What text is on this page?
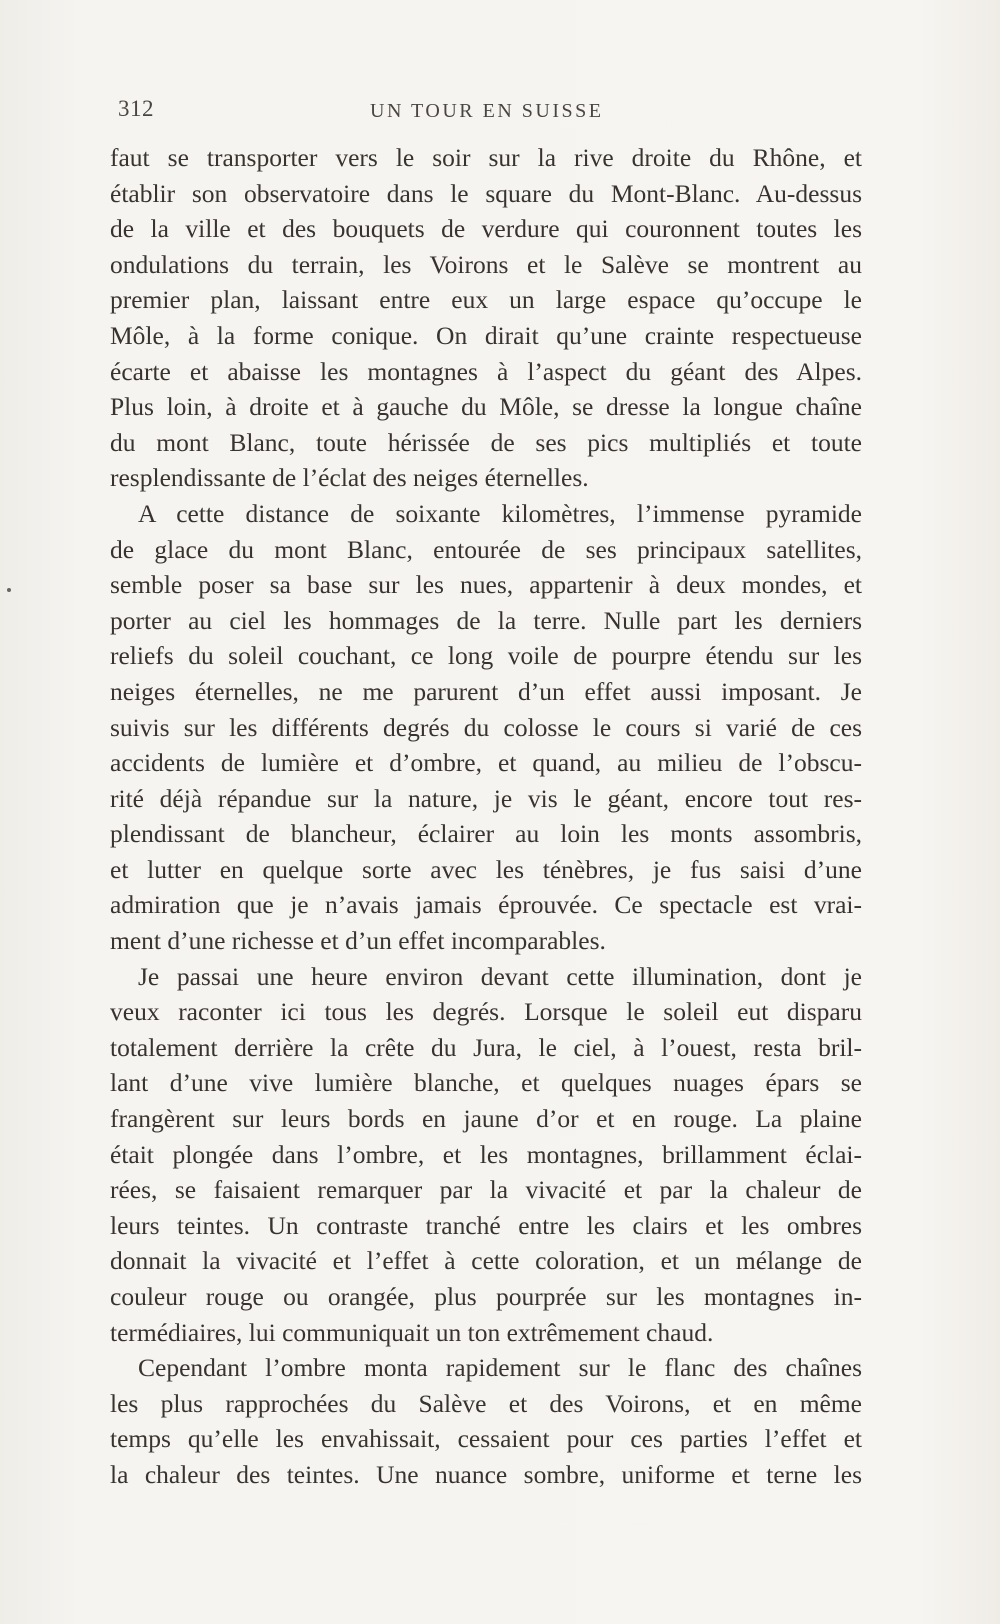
312	UN TOUR EN SUISSE
faut se transporter vers le soir sur la rive droite du Rhône, et
établir son observatoire dans le square du Mont-Blanc. Au-dessus
de la ville et des bouquets de verdure qui couronnent toutes les
ondulations du terrain, les Voirons et le Salève se montrent au
premier plan, laissant entre eux un large espace qu’occupe le
Môle, à la forme conique. On dirait qu’une crainte respectueuse
écarte et abaisse les montagnes à l’aspect du géant des Alpes.
Plus loin, à droite et à gauche du Môle, se dresse la longue chaîne
du mont Blanc, toute hérissée de ses pics multipliés et toute
resplendissante de l’éclat des neiges éternelles.
A cette distance de soixante kilomètres, l’immense pyramide
de glace du mont Blanc, entourée de ses principaux satellites,
semble poser sa base sur les nues, appartenir à deux mondes, et
porter au ciel les hommages de la terre. Nulle part les derniers
reliefs du soleil couchant, ce long voile de pourpre étendu sur les
neiges éternelles, ne me parurent d’un effet aussi imposant. Je
suivis sur les différents degrés du colosse le cours si varié de ces
accidents de lumière et d’ombre, et quand, au milieu de l’obscu-
rité déjà répandue sur la nature, je vis le géant, encore tout res-
plendissant de blancheur, éclairer au loin les monts assombris,
et lutter en quelque sorte avec les ténèbres, je fus saisi d’une
admiration que je n’avais jamais éprouvée. Ce spectacle est vrai-
ment d’une richesse et d’un effet incomparables.
Je passai une heure environ devant cette illumination, dont je
veux raconter ici tous les degrés. Lorsque le soleil eut disparu
totalement derrière la crête du Jura, le ciel, à l’ouest, resta bril-
lant d’une vive lumière blanche, et quelques nuages épars se
frangèrent sur leurs bords en jaune d’or et en rouge. La plaine
était plongée dans l’ombre, et les montagnes, brillamment éclai-
rées, se faisaient remarquer par la vivacité et par la chaleur de
leurs teintes. Un contraste tranché entre les clairs et les ombres
donnait la vivacité et l’effet à cette coloration, et un mélange de
couleur rouge ou orangée, plus pourprée sur les montagnes in-
termédiaires, lui communiquait un ton extrêmement chaud.
Cependant l’ombre monta rapidement sur le flanc des chaînes
les plus rapprochées du Salève et des Voirons, et en même
temps qu’elle les envahissait, cessaient pour ces parties l’effet et
la chaleur des teintes. Une nuance sombre, uniforme et terne les
